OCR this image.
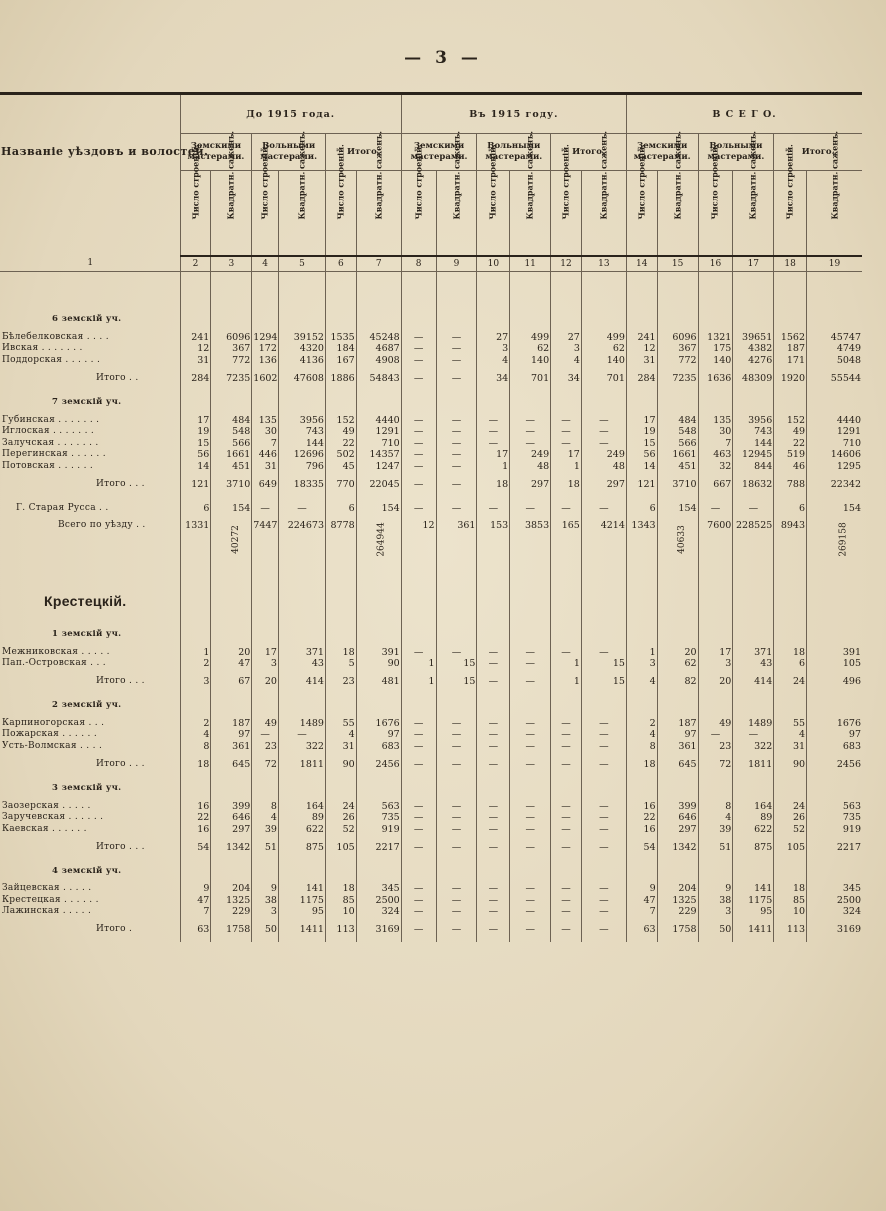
— 3 —
Названіе уѣздовъ и волостей.	До 1915 года.						Въ 1915 году.						В С Е Г О.					
	Земскими мастерами.		Вольными мастерами.		Итого.		Земскими мастерами.		Вольными мастерами.		Итого.		Земскими мастерами.		Вольными мастерами.		Итого.	

	Число строеній.	Квадратн. саженъ.	Число строеній.	Квадратн. саженъ.	Число строеній.	Квадратн. саженъ.	Число строеній.	Квадратн. саженъ.	Число строеній.	Квадратн. саженъ.	Число строеній.	Квадратн. саженъ.	Число строеній.	Квадратн. саженъ.	Число строеній.	Квадратн. саженъ.	Число строеній.	Квадратн. саженъ.

1	2	3	4	5	6	7	8	9	10	11	12	13	14	15	16	17	18	19

6 земскій уч.																		
Бѣлебелковская . . . .	241	6096	1294	39152	1535	45248	—	—	27	499	27	499	241	6096	1321	39651	1562	45747
Ивская . . . . . . .	12	367	172	4320	184	4687	—	—	3	62	3	62	12	367	175	4382	187	4749
Поддорская . . . . . .	31	772	136	4136	167	4908	—	—	4	140	4	140	31	772	140	4276	171	5048
Итого . .	284	7235	1602	47608	1886	54843	—	—	34	701	34	701	284	7235	1636	48309	1920	55544
7 земскій уч.																		
Губинская . . . . . . .	17	484	135	3956	152	4440	—	—	—	—	—	—	17	484	135	3956	152	4440
Иглоская . . . . . . .	19	548	30	743	49	1291	—	—	—	—	—	—	19	548	30	743	49	1291
Залучская . . . . . . .	15	566	7	144	22	710	—	—	—	—	—	—	15	566	7	144	22	710
Перегинская . . . . . .	56	1661	446	12696	502	14357	—	—	17	249	17	249	56	1661	463	12945	519	14606
Потовская . . . . . .	14	451	31	796	45	1247	—	—	1	48	1	48	14	451	32	844	46	1295
Итого . . .	121	3710	649	18335	770	22045	—	—	18	297	18	297	121	3710	667	18632	788	22342
Г. Старая Русса . .	6	154	—	—	6	154	—	—	—	—	—	—	6	154	—	—	6	154
Всего по уѣзду . .	1331	40272	7447	224673	8778	264944	12	361	153	3853	165	4214	1343	40633	7600	228525	8943	269158
Крестецкій.																		
1 земскій уч.																		
Межниковская . . . . .	1	20	17	371	18	391	—	—	—	—	—	—	1	20	17	371	18	391
Пап.-Островская . . .	2	47	3	43	5	90	1	15	—	—	1	15	3	62	3	43	6	105
Итого . . .	3	67	20	414	23	481	1	15	—	—	1	15	4	82	20	414	24	496
2 земскій уч.																		
Карпиногорская . . .	2	187	49	1489	55	1676	—	—	—	—	—	—	2	187	49	1489	55	1676
Пожарская . . . . . .	4	97	—	—	4	97	—	—	—	—	—	—	4	97	—	—	4	97
Усть-Волмская . . . .	8	361	23	322	31	683	—	—	—	—	—	—	8	361	23	322	31	683
Итого . . .	18	645	72	1811	90	2456	—	—	—	—	—	—	18	645	72	1811	90	2456
3 земскій уч.																		
Заозерская . . . . .	16	399	8	164	24	563	—	—	—	—	—	—	16	399	8	164	24	563
Заручевская . . . . . .	22	646	4	89	26	735	—	—	—	—	—	—	22	646	4	89	26	735
Каевская . . . . . .	16	297	39	622	52	919	—	—	—	—	—	—	16	297	39	622	52	919
Итого . . .	54	1342	51	875	105	2217	—	—	—	—	—	—	54	1342	51	875	105	2217
4 земскій уч.																		
Зайцевская . . . . .	9	204	9	141	18	345	—	—	—	—	—	—	9	204	9	141	18	345
Крестецкая . . . . . .	47	1325	38	1175	85	2500	—	—	—	—	—	—	47	1325	38	1175	85	2500
Лажинская . . . . .	7	229	3	95	10	324	—	—	—	—	—	—	7	229	3	95	10	324
Итого .	63	1758	50	1411	113	3169	—	—	—	—	—	—	63	1758	50	1411	113	3169
